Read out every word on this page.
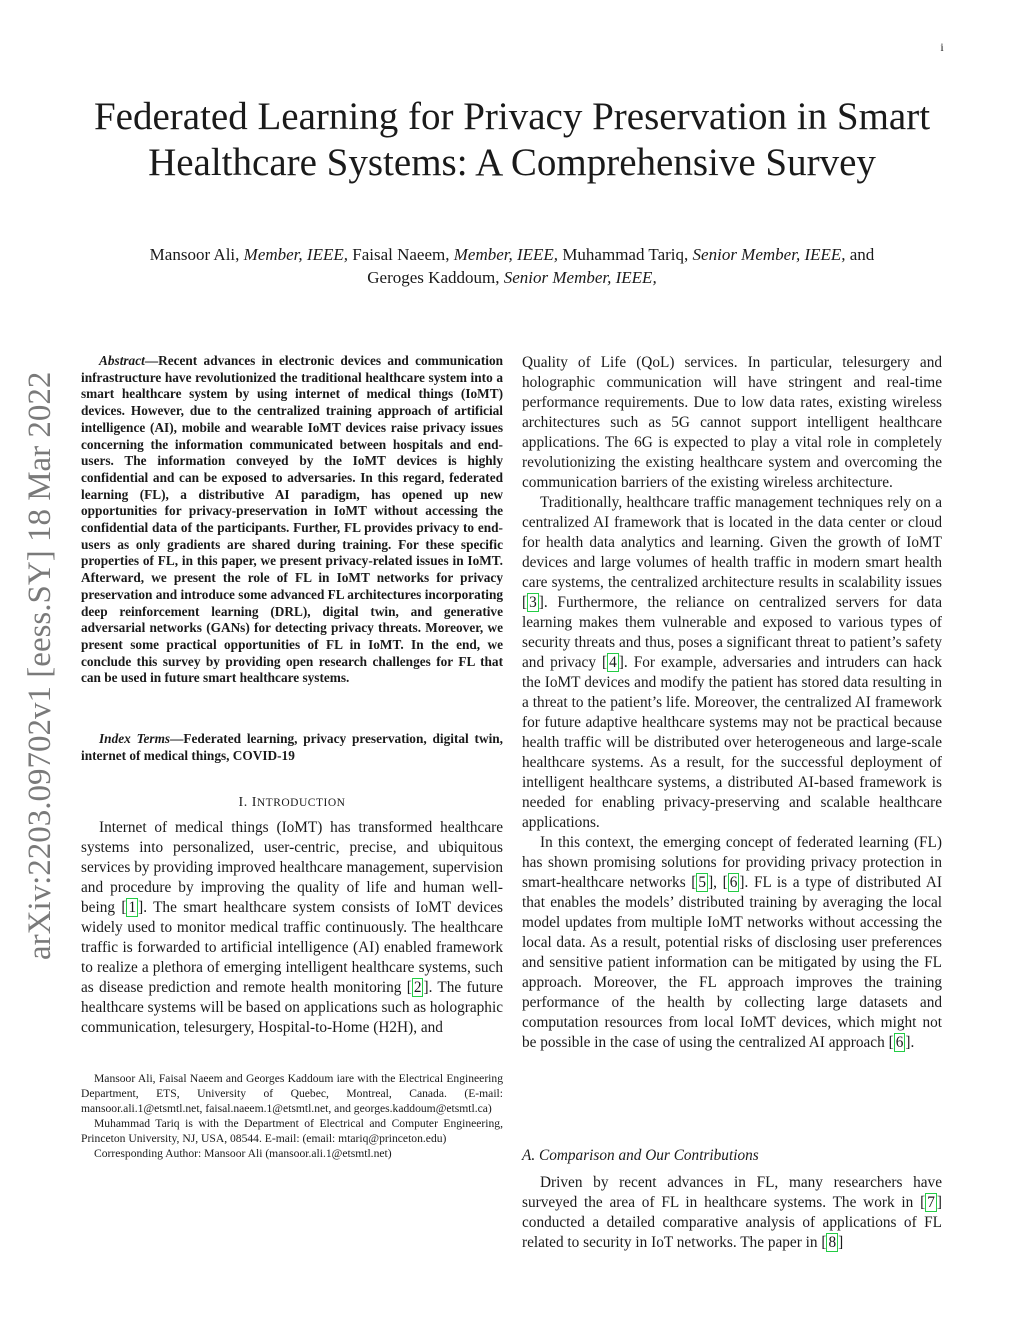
i
Federated Learning for Privacy Preservation in Smart Healthcare Systems: A Comprehensive Survey
Mansoor Ali, Member, IEEE, Faisal Naeem, Member, IEEE, Muhammad Tariq, Senior Member, IEEE, and
Geroges Kaddoum, Senior Member, IEEE,
arXiv:2203.09702v1 [eess.SY] 18 Mar 2022

Abstract—Recent advances in electronic devices and communication infrastructure have revolutionized the traditional healthcare system into a smart healthcare system by using internet of medical things (IoMT) devices. However, due to the centralized training approach of artificial intelligence (AI), mobile and wearable IoMT devices raise privacy issues concerning the information communicated between hospitals and end-users. The information conveyed by the IoMT devices is highly confidential and can be exposed to adversaries. In this regard, federated learning (FL), a distributive AI paradigm, has opened up new opportunities for privacy-preservation in IoMT without accessing the confidential data of the participants. Further, FL provides privacy to end-users as only gradients are shared during training. For these specific properties of FL, in this paper, we present privacy-related issues in IoMT. Afterward, we present the role of FL in IoMT networks for privacy preservation and introduce some advanced FL architectures incorporating deep reinforcement learning (DRL), digital twin, and generative adversarial networks (GANs) for detecting privacy threats. Moreover, we present some practical opportunities of FL in IoMT. In the end, we conclude this survey by providing open research challenges for FL that can be used in future smart healthcare systems.

Index Terms—Federated learning, privacy preservation, digital twin, internet of medical things, COVID-19

I. INTRODUCTION

Internet of medical things (IoMT) has transformed healthcare systems into personalized, user-centric, precise, and ubiquitous services by providing improved healthcare management, supervision and procedure by improving the quality of life and human well-being [ 1 ]. The smart healthcare system consists of IoMT devices widely used to monitor medical traffic continuously. The healthcare traffic is forwarded to artificial intelligence (AI) enabled framework to realize a plethora of emerging intelligent healthcare systems, such as disease prediction and remote health monitoring [ 2 ]. The future healthcare systems will be based on applications such as holographic communication, telesurgery, Hospital-to-Home (H2H), and

Mansoor Ali, Faisal Naeem and Georges Kaddoum iare with the Electrical Engineering Department, ETS, University of Quebec, Montreal, Canada. (E-mail: mansoor.ali.1@etsmtl.net, faisal.naeem.1@etsmtl.net, and georges.kaddoum@etsmtl.ca)

Muhammad Tariq is with the Department of Electrical and Computer Engineering, Princeton University, NJ, USA, 08544. E-mail: (email: mtariq@princeton.edu)

Corresponding Author: Mansoor Ali (mansoor.ali.1@etsmtl.net)

Quality of Life (QoL) services. In particular, telesurgery and holographic communication will have stringent and real-time performance requirements. Due to low data rates, existing wireless architectures such as 5G cannot support intelligent healthcare applications. The 6G is expected to play a vital role in completely revolutionizing the existing healthcare system and overcoming the communication barriers of the existing wireless architecture.

Traditionally, healthcare traffic management techniques rely on a centralized AI framework that is located in the data center or cloud for health data analytics and learning. Given the growth of IoMT devices and large volumes of health traffic in modern smart health care systems, the centralized architecture results in scalability issues [ 3 ]. Furthermore, the reliance on centralized servers for data learning makes them vulnerable and exposed to various types of security threats and thus, poses a significant threat to patient’s safety and privacy [ 4 ]. For example, adversaries and intruders can hack the IoMT devices and modify the patient has stored data resulting in a threat to the patient’s life. Moreover, the centralized AI framework for future adaptive healthcare systems may not be practical because health traffic will be distributed over heterogeneous and large-scale healthcare systems. As a result, for the successful deployment of intelligent healthcare systems, a distributed AI-based framework is needed for enabling privacy-preserving and scalable healthcare applications.

In this context, the emerging concept of federated learning (FL) has shown promising solutions for providing privacy protection in smart-healthcare networks [ 5 ], [ 6 ]. FL is a type of distributed AI that enables the models’ distributed training by averaging the local model updates from multiple IoMT networks without accessing the local data. As a result, potential risks of disclosing user preferences and sensitive patient information can be mitigated by using the FL approach. Moreover, the FL approach improves the training performance of the health by collecting large datasets and computation resources from local IoMT devices, which might not be possible in the case of using the centralized AI approach [ 6 ].

A. Comparison and Our Contributions

Driven by recent advances in FL, many researchers have surveyed the area of FL in healthcare systems. The work in [ 7 ] conducted a detailed comparative analysis of applications of FL related to security in IoT networks. The paper in [ 8 ]
